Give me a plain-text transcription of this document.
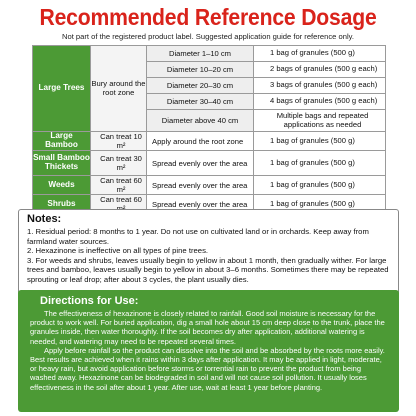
Recommended Reference Dosage
Not part of the registered product label. Suggested application guide for reference only.
Large Trees	Bury around the root zone	Diameter 1–10 cm	1 bag of granules (500 g)
		Diameter 10–20 cm	2 bags of granules (500 g each)
		Diameter 20–30 cm	3 bags of granules (500 g each)
		Diameter 30–40 cm	4 bags of granules (500 g each)
		Diameter above 40 cm	Multiple bags and repeated applications as needed
Large Bamboo	Can treat 10 m²	Apply around the root zone	1 bag of granules (500 g)
Small Bamboo Thickets	Can treat 30 m²	Spread evenly over the area	1 bag of granules (500 g)
Weeds	Can treat 60 m²	Spread evenly over the area	1 bag of granules (500 g)
Shrubs	Can treat 60	Spread evenly over the area	1 bag of granules (500 g)
Notes:
1. Residual period: 8 months to 1 year. Do not use on cultivated land or in orchards. Keep away from farmland water sources.
2. Hexazinone is ineffective on all types of pine trees.
3. For weeds and shrubs, leaves usually begin to yellow in about 1 month, then gradually wither. For large trees and bamboo, leaves usually begin to yellow in about 3–6 months. Sometimes there may be repeated sprouting or leaf drop; after about 3 cycles, the plant usually dies.
Directions for Use:
The effectiveness of hexazinone is closely related to rainfall. Good soil moisture is necessary for the product to work well. For buried application, dig a small hole about 15 cm deep close to the trunk, place the granules inside, then water thoroughly. If the soil becomes dry after application, additional watering is needed, and watering may need to be repeated several times.
Apply before rainfall so the product can dissolve into the soil and be absorbed by the roots more easily. Best results are achieved when it rains within 3 days after application. It may be applied in light, moderate, or heavy rain, but avoid application before storms or torrential rain to prevent the product from being washed away. Hexazinone can be biodegraded in soil and will not cause soil pollution. It usually loses effectiveness in the soil after about 1 year. After use, wait at least 1 year before planting.
